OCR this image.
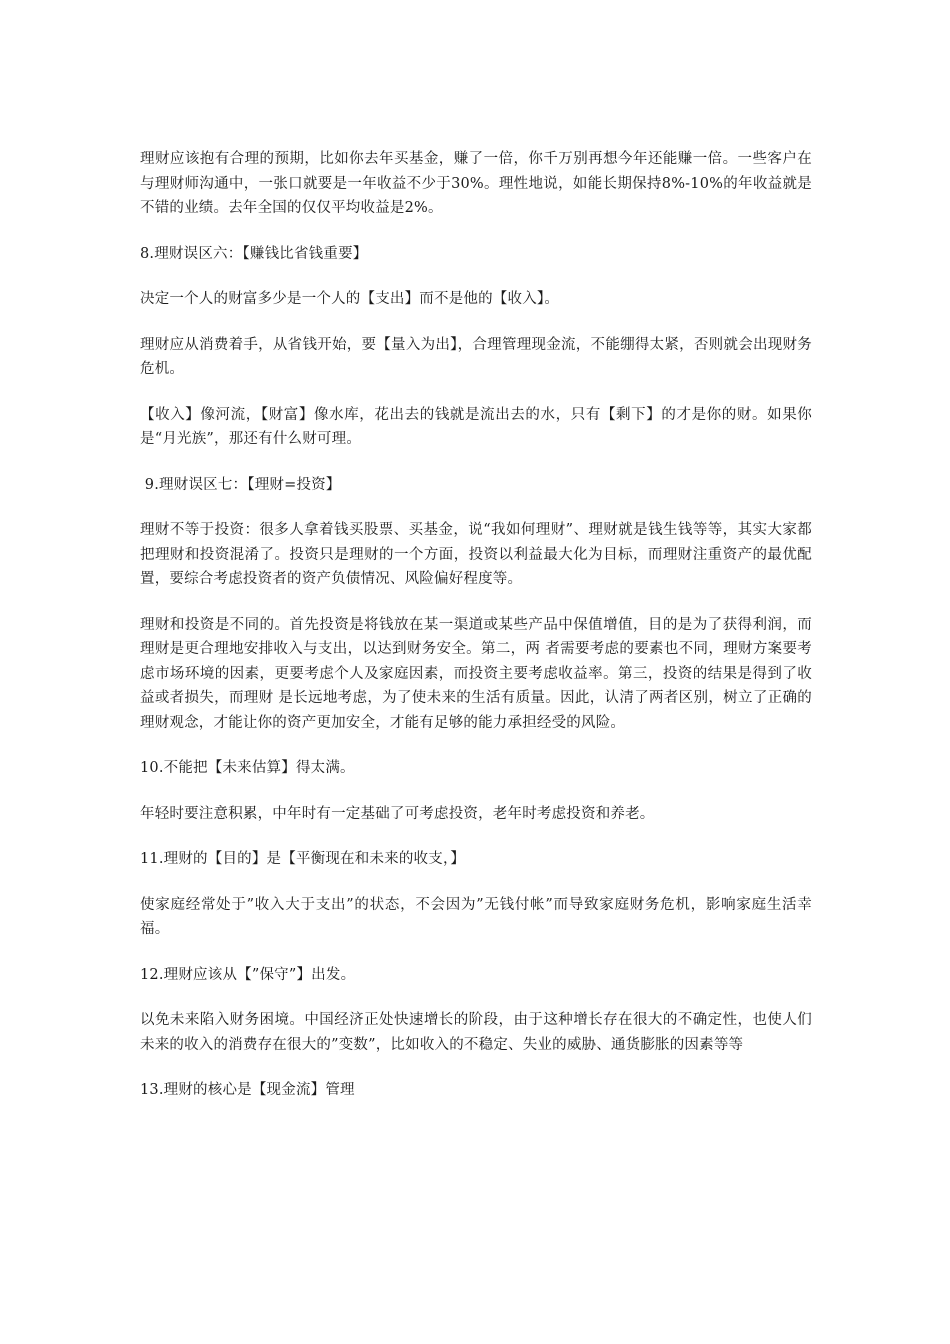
理财应该抱有合理的预期，比如你去年买基金，赚了一倍，你千万别再想今年还能赚一倍。一些客户在与理财师沟通中，一张口就要是一年收益不少于30%。理性地说，如能长期保持8%-10%的年收益就是不错的业绩。去年全国的仅仅平均收益是2%。

8.理财误区六：【赚钱比省钱重要】

决定一个人的财富多少是一个人的【支出】而不是他的【收入】。

理财应从消费着手，从省钱开始，要【量入为出】，合理管理现金流，不能绷得太紧，否则就会出现财务危机。

【收入】像河流，【财富】像水库，花出去的钱就是流出去的水，只有【剩下】的才是你的财。如果你是“月光族”，那还有什么财可理。

9.理财误区七：【理财=投资】

理财不等于投资：很多人拿着钱买股票、买基金，说“我如何理财”、理财就是钱生钱等等，其实大家都把理财和投资混淆了。投资只是理财的一个方面，投资以利益最大化为目标，而理财注重资产的最优配置，要综合考虑投资者的资产负债情况、风险偏好程度等。

理财和投资是不同的。首先投资是将钱放在某一渠道或某些产品中保值增值，目的是为了获得利润，而理财是更合理地安排收入与支出，以达到财务安全。第二，两 者需要考虑的要素也不同，理财方案要考虑市场环境的因素，更要考虑个人及家庭因素，而投资主要考虑收益率。第三，投资的结果是得到了收益或者损失，而理财 是长远地考虑，为了使未来的生活有质量。因此，认清了两者区别，树立了正确的理财观念，才能让你的资产更加安全，才能有足够的能力承担经受的风险。

10.不能把【未来估算】得太满。

年轻时要注意积累，中年时有一定基础了可考虑投资，老年时考虑投资和养老。

11.理财的【目的】是【平衡现在和未来的收支，】

使家庭经常处于”收入大于支出”的状态，不会因为”无钱付帐”而导致家庭财务危机，影响家庭生活幸福。

12.理财应该从【”保守”】出发。

以免未来陷入财务困境。中国经济正处快速增长的阶段，由于这种增长存在很大的不确定性，也使人们未来的收入的消费存在很大的”变数”，比如收入的不稳定、失业的威胁、通货膨胀的因素等等

13.理财的核心是【现金流】管理
